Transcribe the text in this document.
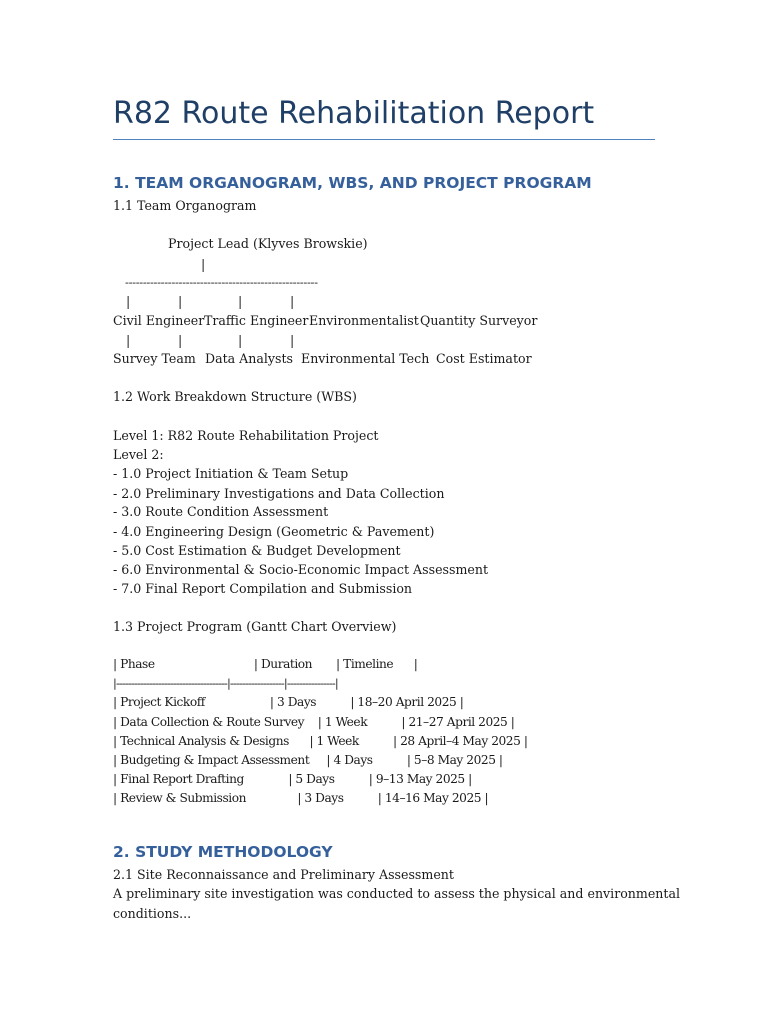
R82 Route Rehabilitation Report
1. TEAM ORGANOGRAM, WBS, AND PROJECT PROGRAM
1.1 Team Organogram
Project Lead (Klyves Browskie)
|
------------------------------------------------------
|	|	|	|
Civil Engineer Traffic Engineer Environmentalist Quantity Surveyor
|	|	|	|
Survey Team Data Analysts Environmental Tech Cost Estimator
1.2 Work Breakdown Structure (WBS)
Level 1: R82 Route Rehabilitation Project
Level 2:
- 1.0 Project Initiation & Team Setup
- 2.0 Preliminary Investigations and Data Collection
- 3.0 Route Condition Assessment
- 4.0 Engineering Design (Geometric & Pavement)
- 5.0 Cost Estimation & Budget Development
- 6.0 Environmental & Socio-Economic Impact Assessment
- 7.0 Final Report Compilation and Submission
1.3 Project Program (Gantt Chart Overview)
| Phase                             | Duration       | Timeline      |
|-------------------------------------|------------------|----------------|
| Project Kickoff                   | 3 Days          | 18–20 April 2025 |
| Data Collection & Route Survey    | 1 Week          | 21–27 April 2025 |
| Technical Analysis & Designs      | 1 Week          | 28 April–4 May 2025 |
| Budgeting & Impact Assessment     | 4 Days          | 5–8 May 2025 |
| Final Report Drafting             | 5 Days          | 9–13 May 2025 |
| Review & Submission               | 3 Days          | 14–16 May 2025 |
2. STUDY METHODOLOGY
2.1 Site Reconnaissance and Preliminary Assessment
A preliminary site investigation was conducted to assess the physical and environmental
conditions...
